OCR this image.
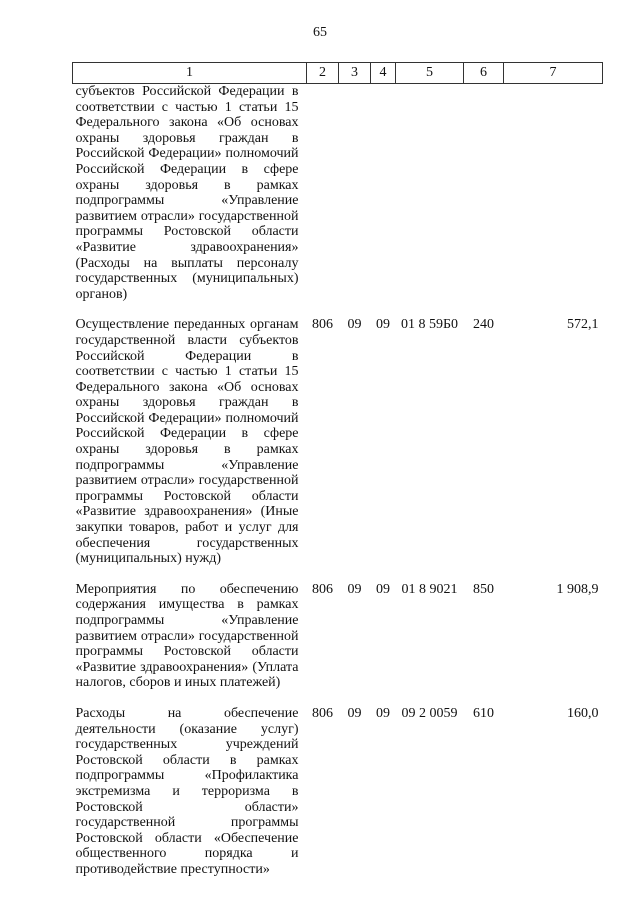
65
1	2	3	4	5	6	7
субъектов Российской Федерации в соответствии с частью 1 статьи 15 Федерального закона «Об основах охраны здоровья граждан в Российской Федерации» полномочий Российской Федерации в сфере охраны здоровья в рамках подпрограммы «Управление развитием отрасли» государственной программы Ростовской области «Развитие здравоохранения» (Расходы на выплаты персоналу государственных (муниципальных) органов)						

Осуществление переданных органам государственной власти субъектов Российской Федерации в соответствии с частью 1 статьи 15 Федерального закона «Об основах охраны здоровья граждан в Российской Федерации» полномочий Российской Федерации в сфере охраны здоровья в рамках подпрограммы «Управление развитием отрасли» государственной программы Ростовской области «Развитие здравоохранения» (Иные закупки товаров, работ и услуг для обеспечения государственных (муниципальных) нужд)	806	09	09	01 8 59Б0	240	572,1

Мероприятия по обеспечению содержания имущества в рамках подпрограммы «Управление развитием отрасли» государственной программы Ростовской области «Развитие здравоохранения» (Уплата налогов, сборов и иных платежей)	806	09	09	01 8 9021	850	1 908,9

Расходы на обеспечение деятельности (оказание услуг) государственных учреждений Ростовской области в рамках подпрограммы «Профилактика экстремизма и терроризма в Ростовской области» государственной программы Ростовской области «Обеспечение общественного порядка и противодействие преступности»	806	09	09	09 2 0059	610	160,0
